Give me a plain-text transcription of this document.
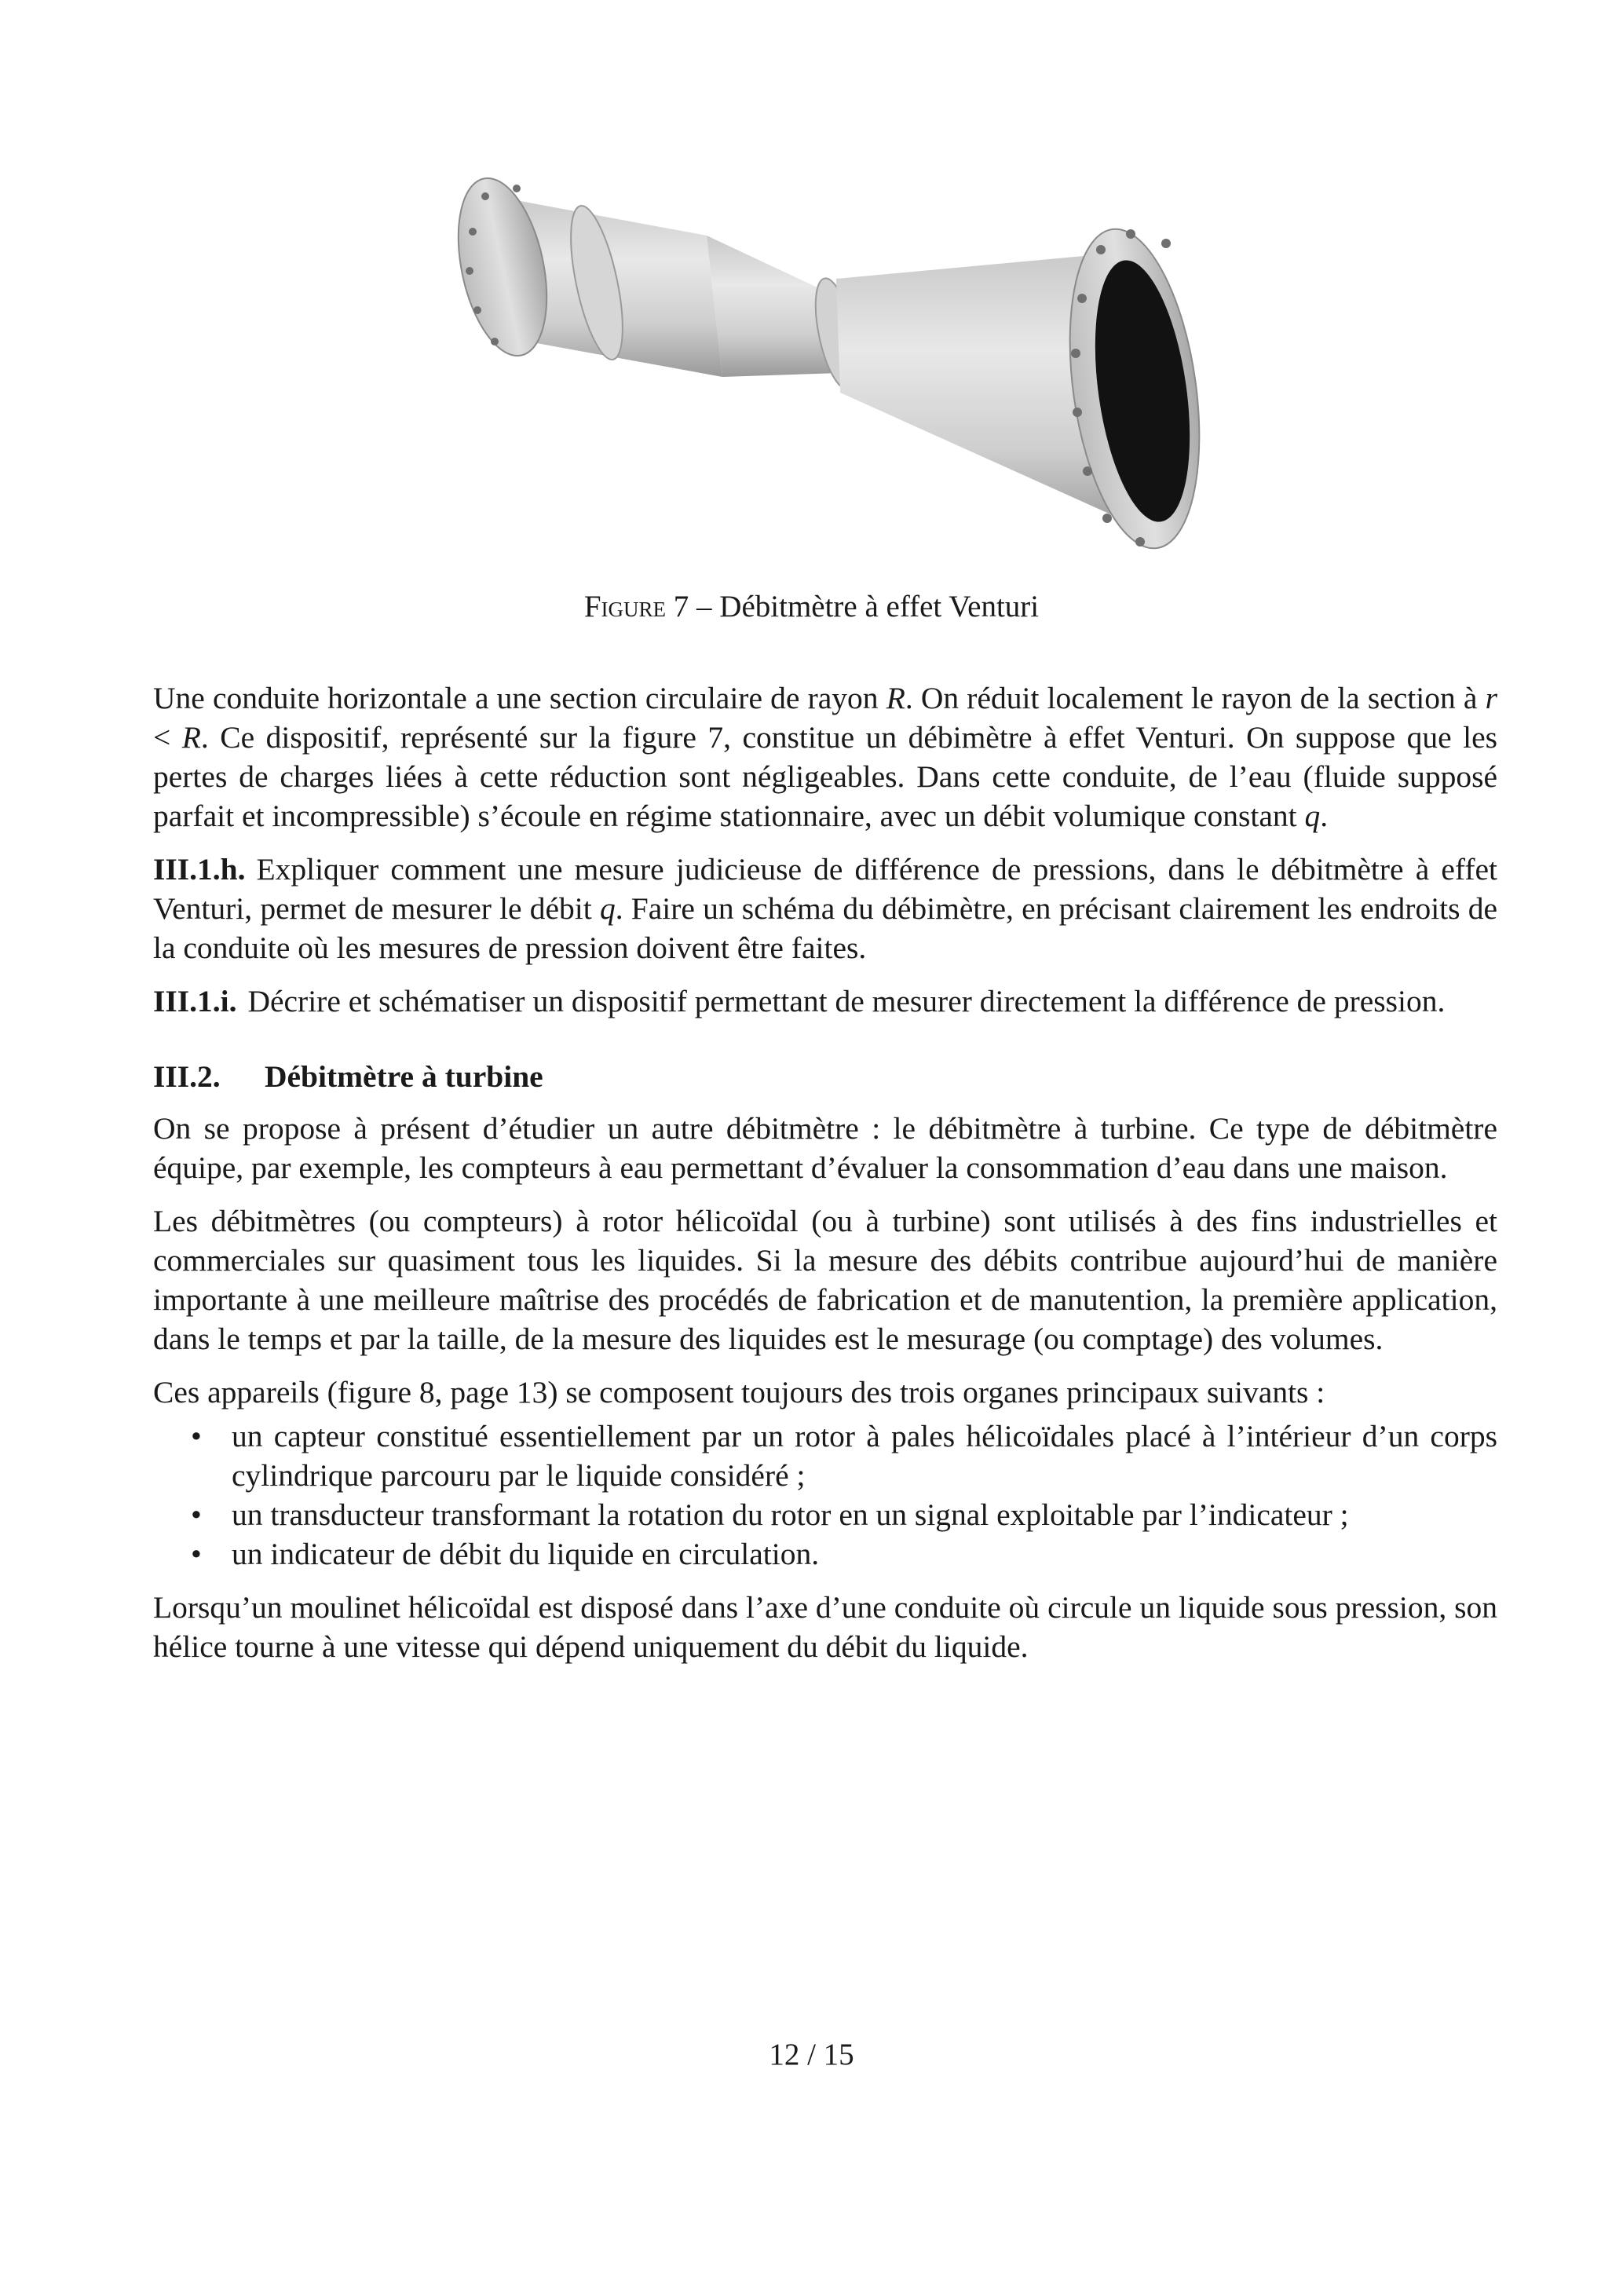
Figure 7 – Débitmètre à effet Venturi

Une conduite horizontale a une section circulaire de rayon R. On réduit localement le rayon de la section à r < R. Ce dispositif, représenté sur la figure 7, constitue un débimètre à effet Venturi. On suppose que les pertes de charges liées à cette réduction sont négligeables. Dans cette conduite, de l’eau (fluide supposé parfait et incompressible) s’écoule en régime stationnaire, avec un débit volumique constant q.

III.1.h. Expliquer comment une mesure judicieuse de différence de pressions, dans le débitmètre à effet Venturi, permet de mesurer le débit q. Faire un schéma du débimètre, en précisant clairement les endroits de la conduite où les mesures de pression doivent être faites.

III.1.i. Décrire et schématiser un dispositif permettant de mesurer directement la différence de pression.

III.2. Débitmètre à turbine

On se propose à présent d’étudier un autre débitmètre : le débitmètre à turbine. Ce type de débitmètre équipe, par exemple, les compteurs à eau permettant d’évaluer la consommation d’eau dans une maison.

Les débitmètres (ou compteurs) à rotor hélicoïdal (ou à turbine) sont utilisés à des fins industrielles et commerciales sur quasiment tous les liquides. Si la mesure des débits contribue aujourd’hui de manière importante à une meilleure maîtrise des procédés de fabrication et de manutention, la première application, dans le temps et par la taille, de la mesure des liquides est le mesurage (ou comptage) des volumes.

Ces appareils (figure 8, page 13) se composent toujours des trois organes principaux suivants :

• un capteur constitué essentiellement par un rotor à pales hélicoïdales placé à l’intérieur d’un corps cylindrique parcouru par le liquide considéré ;
• un transducteur transformant la rotation du rotor en un signal exploitable par l’indicateur ;
• un indicateur de débit du liquide en circulation.

Lorsqu’un moulinet hélicoïdal est disposé dans l’axe d’une conduite où circule un liquide sous pression, son hélice tourne à une vitesse qui dépend uniquement du débit du liquide.

12 / 15
